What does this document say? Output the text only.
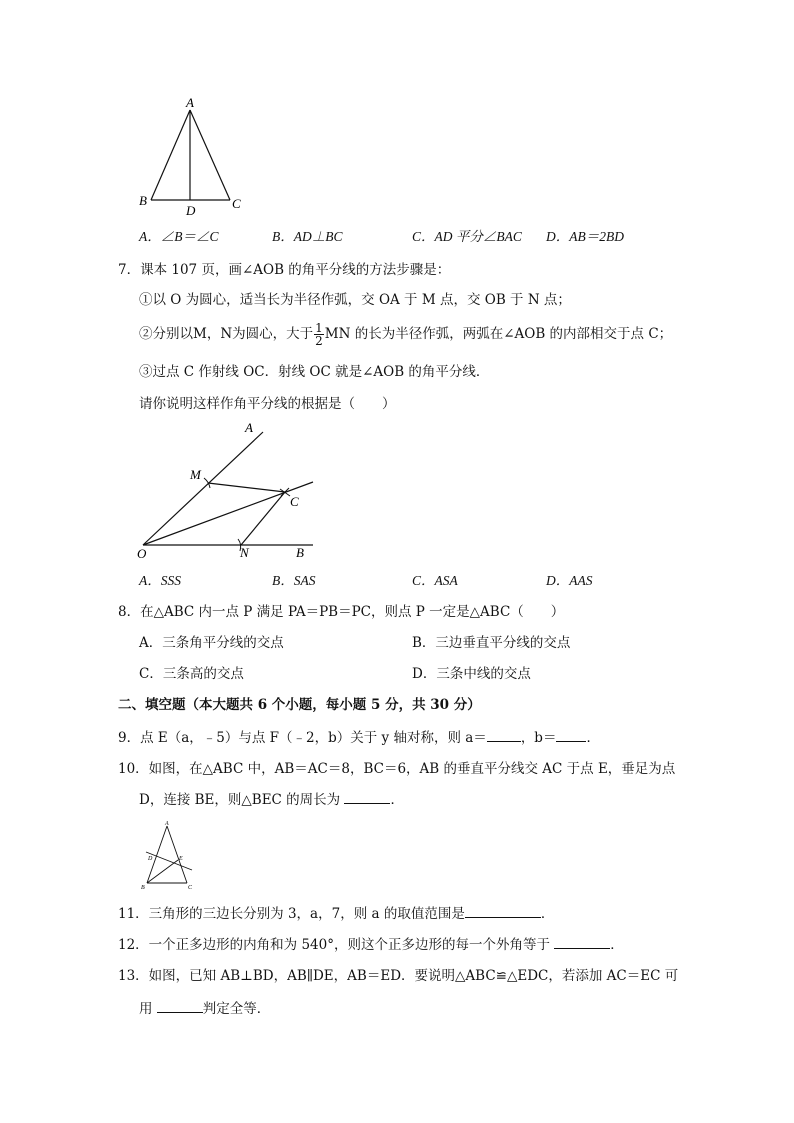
A
B	C
D
A．∠B＝∠C	B．AD⊥BC	C．AD 平分∠BAC D．AB＝2BD
7．课本 107 页，画∠AOB 的角平分线的方法步骤是：
①以 O 为圆心，适当长为半径作弧，交 OA 于 M 点，交 OB 于 N 点；
②分别以M，N为圆心，大于 $\frac{1}{2}$ MN 的长为半径作弧，两弧在∠AOB 的内部相交于点 C；
③过点 C 作射线 OC．射线 OC 就是∠AOB 的角平分线．
请你说明这样作角平分线的根据是（　　）
A
M
C
O	N	B
A．SSS	B．SAS	C．ASA	D．AAS
8．在△ABC 内一点 P 满足 PA＝PB＝PC，则点 P 一定是△ABC（　　）
A．三条角平分线的交点	B．三边垂直平分线的交点
C．三条高的交点	D．三条中线的交点
二、填空题（本大题共 6 个小题，每小题 5 分，共 30 分）
9．点 E（a，﹣5）与点 F（﹣2，b）关于 y 轴对称，则 a＝	，b＝ ．
10．如图，在△ABC 中，AB＝AC＝8，BC＝6，AB 的垂直平分线交 AC 于点 E，垂足为点
D，连接 BE，则△BEC 的周长为	．
A
D	E
B	C
11．三角形的三边长分别为 3，a，7，则 a 的取值范围是	．
12．一个正多边形的内角和为 540°，则这个正多边形的每一个外角等于	．
13．如图，已知 AB⊥BD，AB∥DE，AB＝ED．要说明△ABC≌△EDC，若添加 AC＝EC 可
用	判定全等．
